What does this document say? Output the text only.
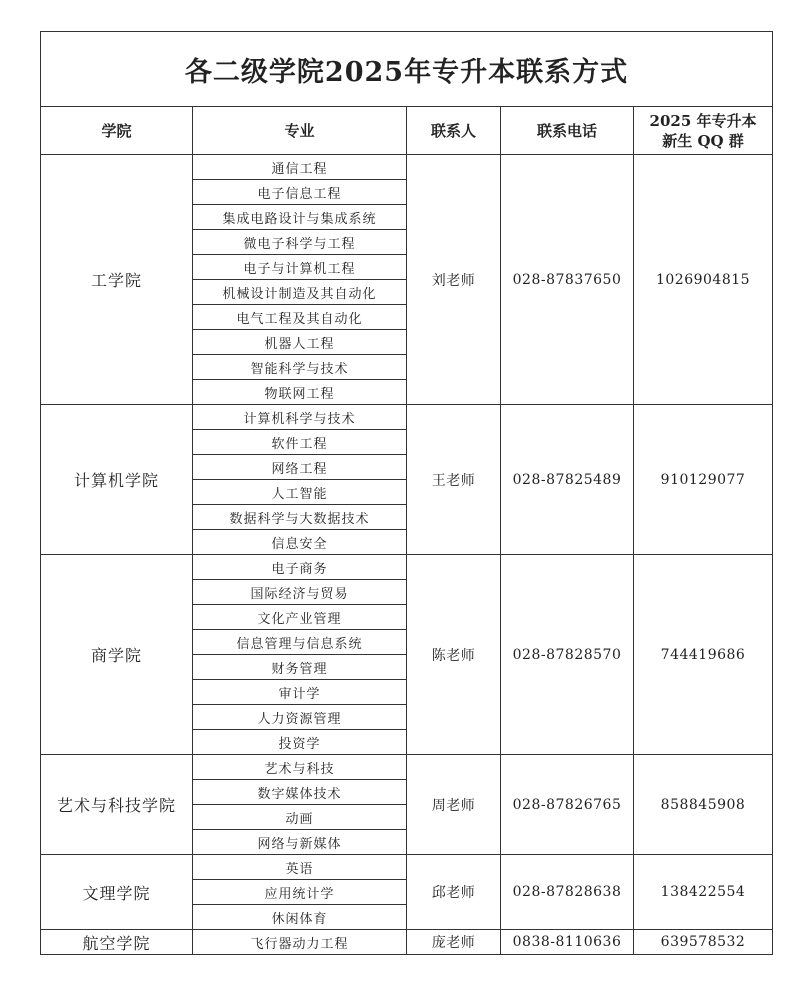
各二级学院2025年专升本联系方式				
学院	专业	联系人	联系电话	2025 年专升本
新生 QQ 群

工学院	通信工程	刘老师	028-87837650	1026904815
	电子信息工程			
	集成电路设计与集成系统			
	微电子科学与工程			
	电子与计算机工程			
	机械设计制造及其自动化			
	电气工程及其自动化			
	机器人工程			
	智能科学与技术			
	物联网工程			
计算机学院	计算机科学与技术	王老师	028-87825489	910129077
	软件工程			
	网络工程			
	人工智能			
	数据科学与大数据技术			
	信息安全			
商学院	电子商务	陈老师	028-87828570	744419686
	国际经济与贸易			
	文化产业管理			
	信息管理与信息系统			
	财务管理			
	审计学			
	人力资源管理			
	投资学			
艺术与科技学院	艺术与科技	周老师	028-87826765	858845908
	数字媒体技术			
	动画			
	网络与新媒体			
文理学院	英语	邱老师	028-87828638	138422554
	应用统计学			
	休闲体育			
航空学院	飞行器动力工程	庞老师	0838-8110636	639578532
